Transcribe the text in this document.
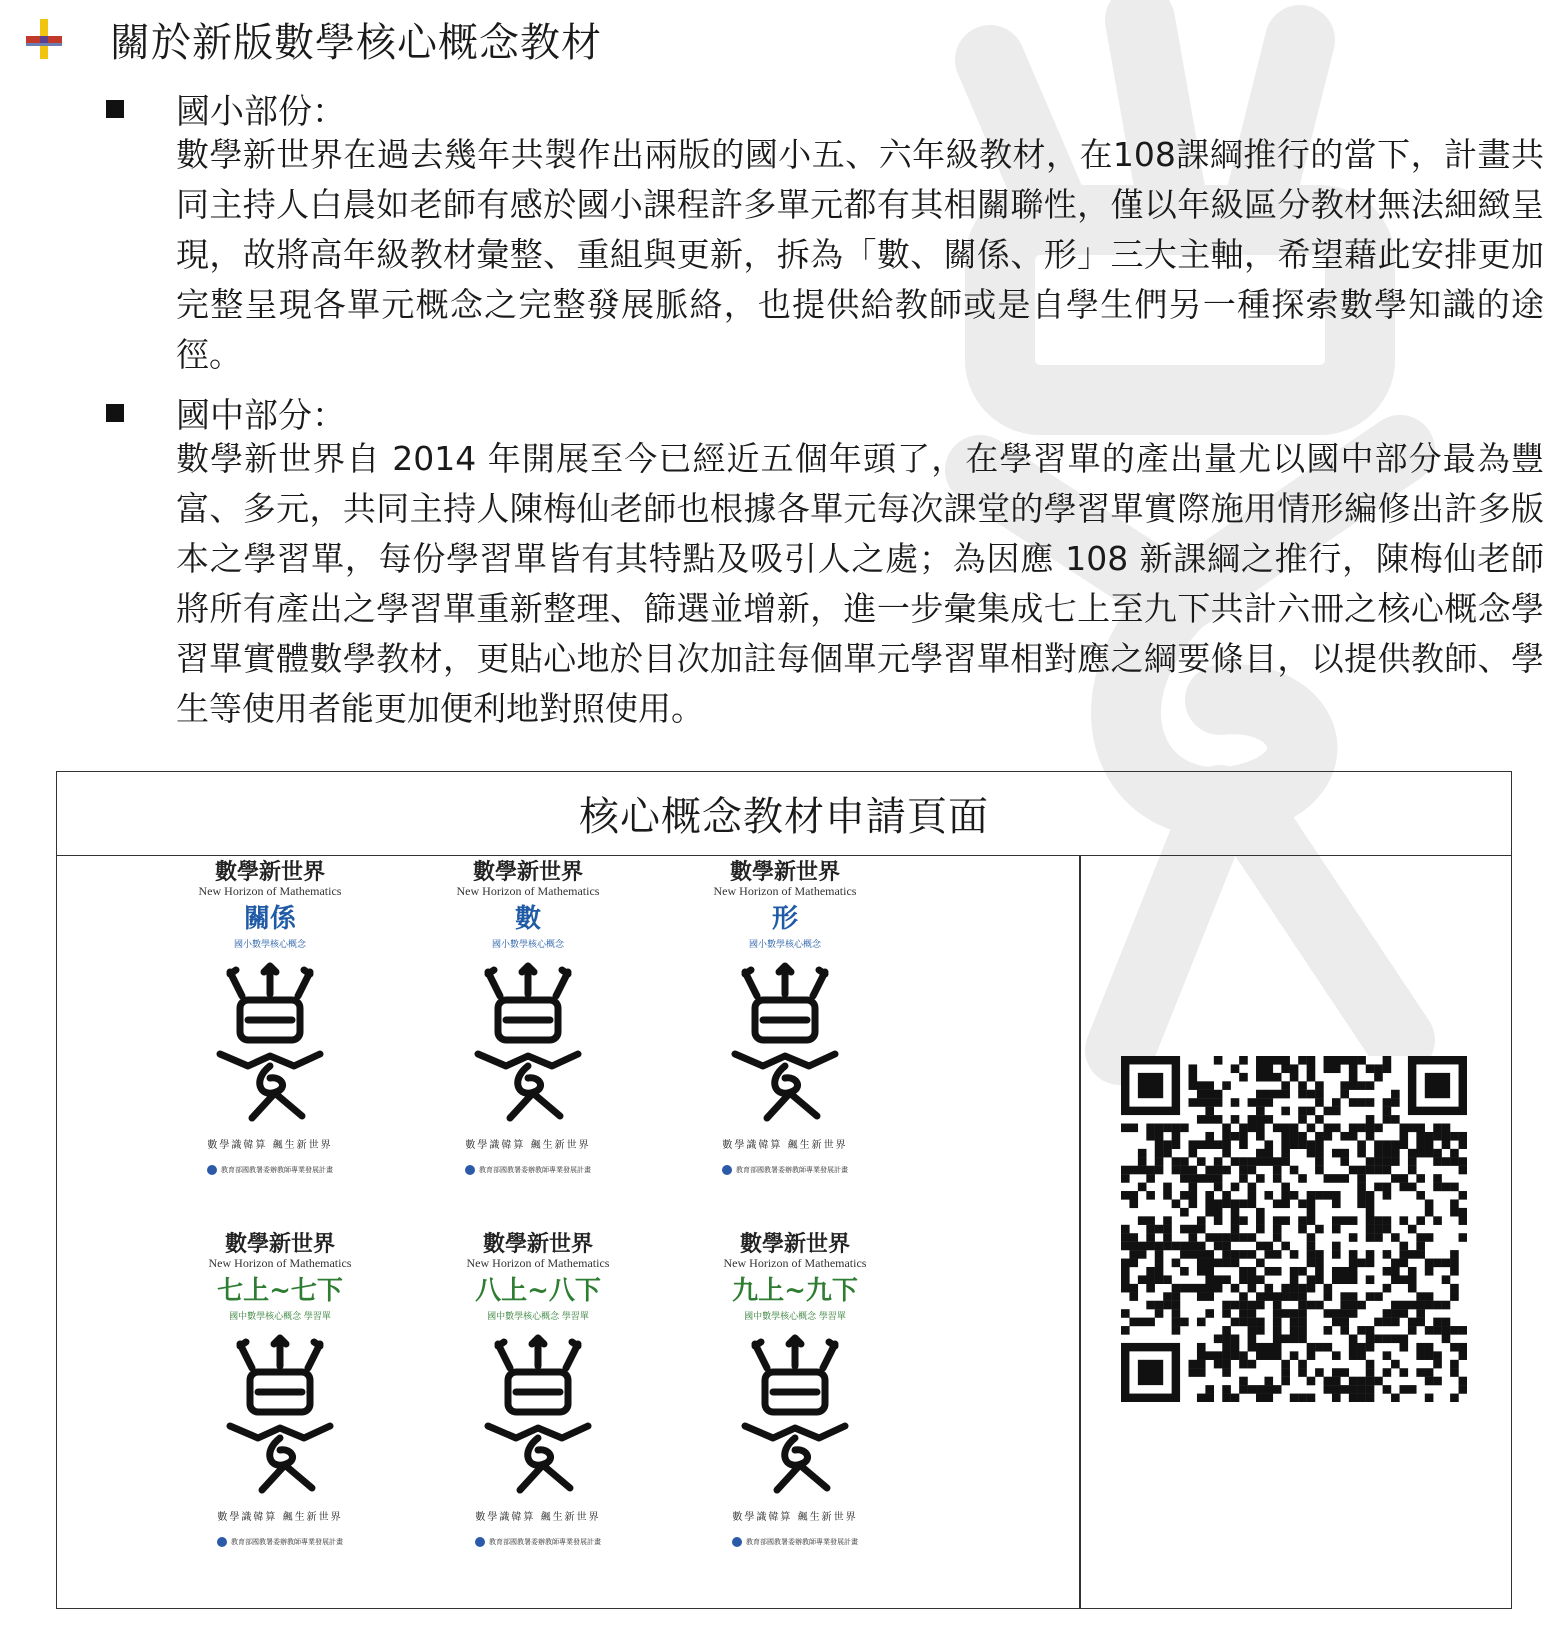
關於新版數學核心概念教材
國小部份：
數學新世界在過去幾年共製作出兩版的國小五、六年級教材，在108課綱推行的當下，計畫共同主持人白晨如老師有感於國小課程許多單元都有其相關聯性，僅以年級區分教材無法細緻呈現，故將高年級教材彙整、重組與更新，拆為「數、關係、形」三大主軸，希望藉此安排更加完整呈現各單元概念之完整發展脈絡，也提供給教師或是自學生們另一種探索數學知識的途徑。
國中部分：
數學新世界自 2014 年開展至今已經近五個年頭了，在學習單的產出量尤以國中部分最為豐富、多元，共同主持人陳梅仙老師也根據各單元每次課堂的學習單實際施用情形編修出許多版本之學習單，每份學習單皆有其特點及吸引人之處；為因應 108 新課綱之推行，陳梅仙老師將所有產出之學習單重新整理、篩選並增新，進一步彙集成七上至九下共計六冊之核心概念學習單實體數學教材，更貼心地於目次加註每個單元學習單相對應之綱要條目，以提供教師、學生等使用者能更加便利地對照使用。
核心概念教材申請頁面
數學新世界
New Horizon of Mathematics
關係
國小數學核心概念
數學識韓算 飆生新世界
教育部國教署委辦教師專業發展計畫
數學新世界
New Horizon of Mathematics
數
國小數學核心概念
數學識韓算 飆生新世界
教育部國教署委辦教師專業發展計畫
數學新世界
New Horizon of Mathematics
形
國小數學核心概念
數學識韓算 飆生新世界
教育部國教署委辦教師專業發展計畫
數學新世界
New Horizon of Mathematics
七上~七下
國中數學核心概念 學習單
數學識韓算 飆生新世界
教育部國教署委辦教師專業發展計畫
數學新世界
New Horizon of Mathematics
八上~八下
國中數學核心概念 學習單
數學識韓算 飆生新世界
教育部國教署委辦教師專業發展計畫
數學新世界
New Horizon of Mathematics
九上~九下
國中數學核心概念 學習單
數學識韓算 飆生新世界
教育部國教署委辦教師專業發展計畫
